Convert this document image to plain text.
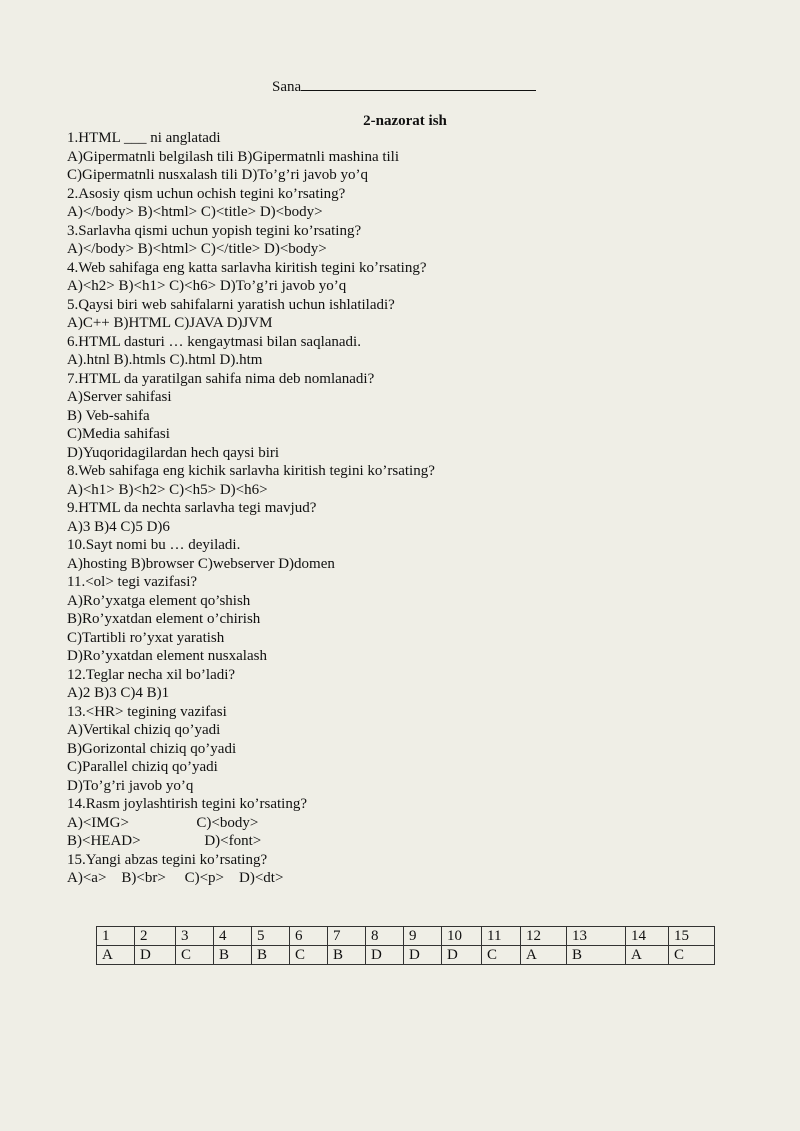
Sana
2-nazorat ish
1.HTML ___ ni anglatadi
A)Gipermatnli belgilash tili B)Gipermatnli mashina tili
C)Gipermatnli nusxalash tili D)To’g’ri javob yo’q
2.Asosiy qism uchun ochish tegini ko’rsating?
A)</body> B)<html> C)<title> D)<body>
3.Sarlavha qismi uchun yopish tegini ko’rsating?
A)</body> B)<html> C)</title> D)<body>
4.Web sahifaga eng katta sarlavha kiritish tegini koʼrsating?
A)<h2> B)<h1> C)<h6> D)To’g’ri javob yo’q
5.Qaysi biri web sahifalarni yaratish uchun ishlatiladi?
A)C++ B)HTML C)JAVA D)JVM
6.HTML dasturi … kengaytmasi bilan saqlanadi.
A).htnl B).htmls C).html D).htm
7.HTML da yaratilgan sahifa nima deb nomlanadi?
A)Server sahifasi
B) Veb-sahifa
C)Media sahifasi
D)Yuqoridagilardan hech qaysi biri
8.Web sahifaga eng kichik sarlavha kiritish tegini ko’rsating?
A)<h1> B)<h2> C)<h5> D)<h6>
9.HTML da nechta sarlavha tegi mavjud?
A)3 B)4 C)5 D)6
10.Sayt nomi bu … deyiladi.
A)hosting B)browser C)webserver D)domen
11.<ol> tegi vazifasi?
A)Ro’yxatga element qo’shish
B)Ro’yxatdan element o’chirish
C)Tartibli ro’yxat yaratish
D)Ro’yxatdan element nusxalash
12.Teglar necha xil bo’ladi?
A)2 B)3 C)4 B)1
13.<HR> tegining vazifasi
A)Vertikal chiziq qo’yadi
B)Gorizontal chiziq qo’yadi
C)Parallel chiziq qo’yadi
D)To’g’ri javob yo’q
14.Rasm joylashtirish tegini ko’rsating?
A)<IMG>                  C)<body>
B)<HEAD>                 D)<font>
15.Yangi abzas tegini ko’rsating?
A)<a>    B)<br>     C)<p>    D)<dt>
1	2	3	4	5	6	7	8	9	10	11	12	13	14	15
A	D	C	B	B	C	B	D	D	D	C	A	B	A	C
